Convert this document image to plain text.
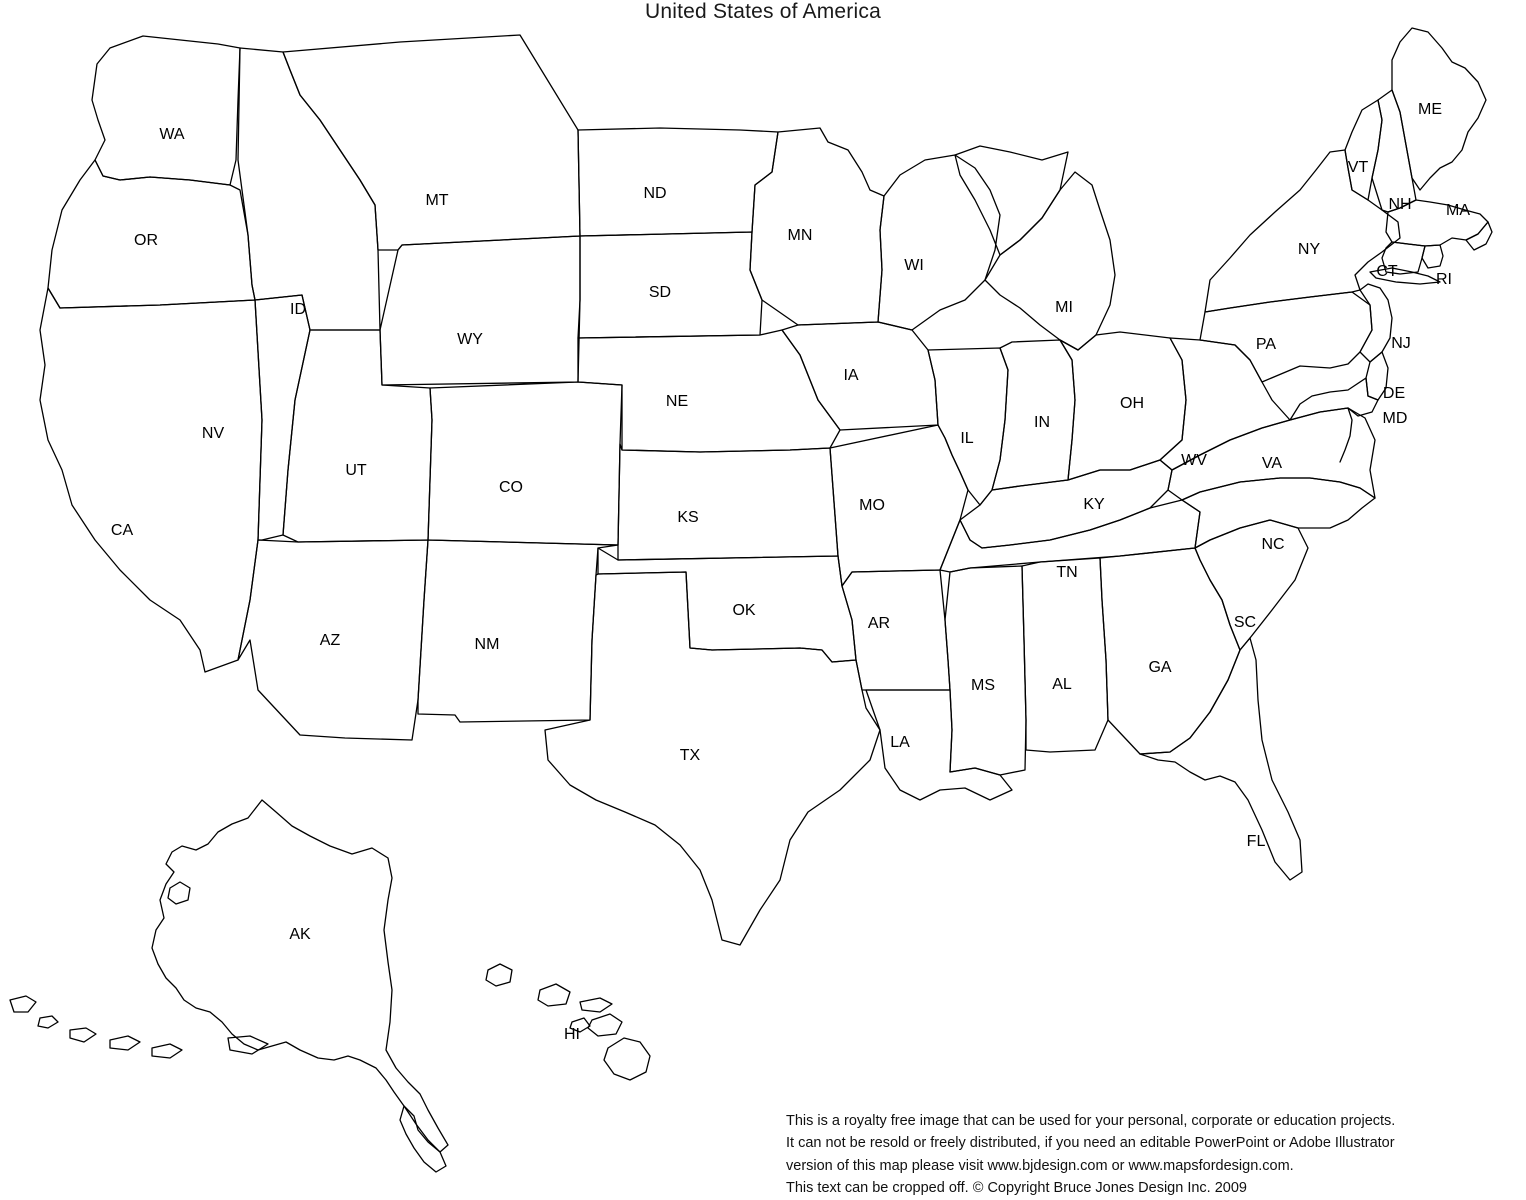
United States of America
WA
OR
ID
MT	ND
SD
MN
WI
MI
WY
NV
CA
UT
CO
NE
IA
IL
IN
OH
PA
NY
VT
NH
ME
MA
CT RI
NJ
DE
MD
WV	VA
KY
MO
KS
OK
AR
TN
NC
SC
GA
AL
MS
LA
FL
TX
NM
AZ
AK
HI
This is a royalty free image that can be used for your personal, corporate or education projects.
It can not be resold or freely distributed, if you need an editable PowerPoint or Adobe Illustrator
version of this map please visit www.bjdesign.com or www.mapsfordesign.com.
This text can be cropped off. © Copyright Bruce Jones Design Inc. 2009
